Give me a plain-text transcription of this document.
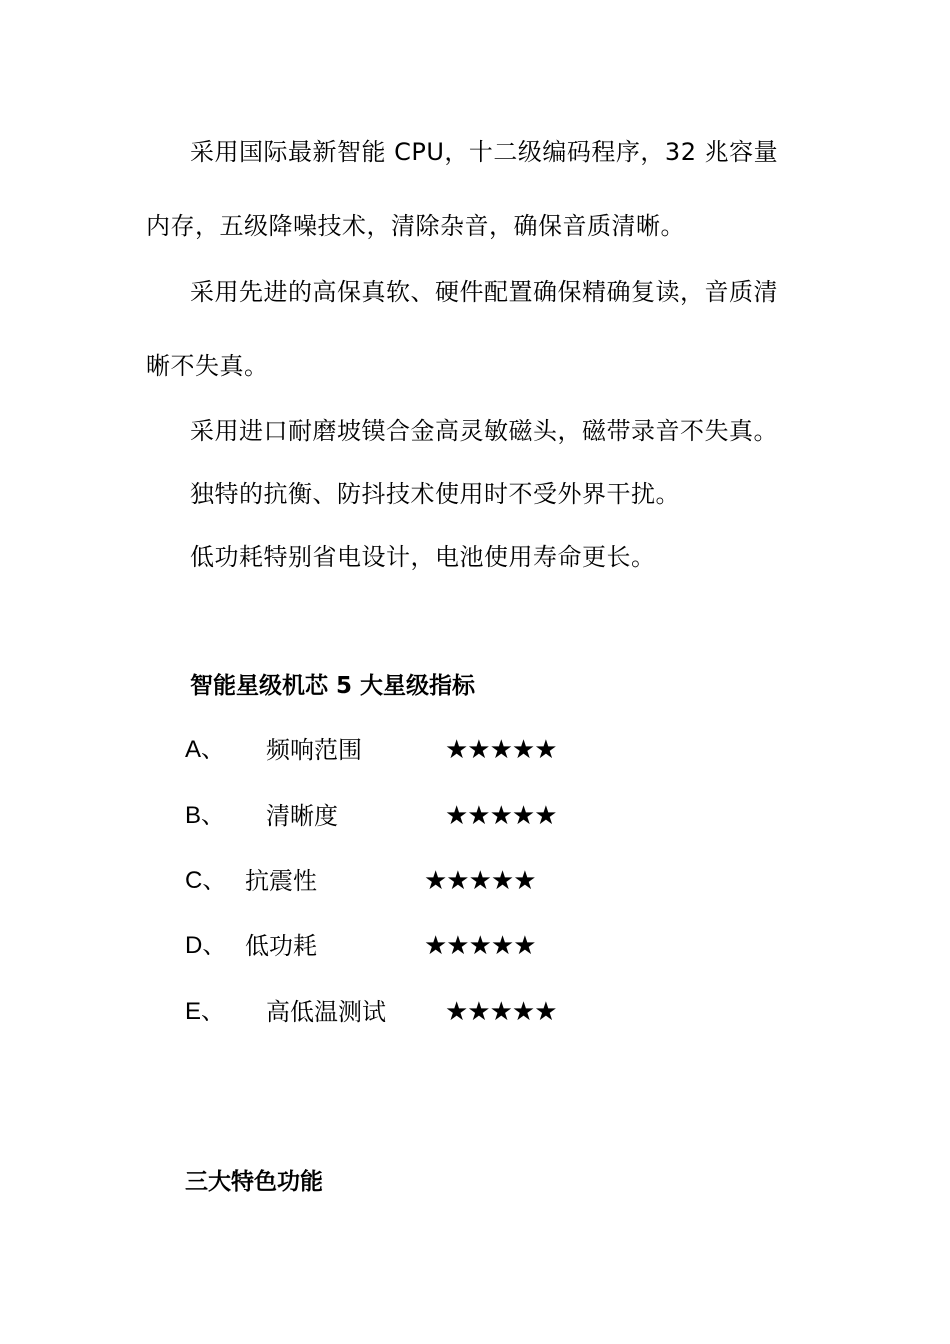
采用国际最新智能 CPU，十二级编码程序，32 兆容量
内存，五级降噪技术，清除杂音，确保音质清晰。
采用先进的高保真软、硬件配置确保精确复读，音质清
晰不失真。
采用进口耐磨坡镆合金高灵敏磁头，磁带录音不失真。
独特的抗衡、防抖技术使用时不受外界干扰。
低功耗特别省电设计，电池使用寿命更长。
智能星级机芯 5 大星级指标
A、 频响范围	★★★★★
B、 清晰度	★★★★★
C、 抗震性	★★★★★
D、 低功耗	★★★★★
E、 高低温测试 ★★★★★
三大特色功能
